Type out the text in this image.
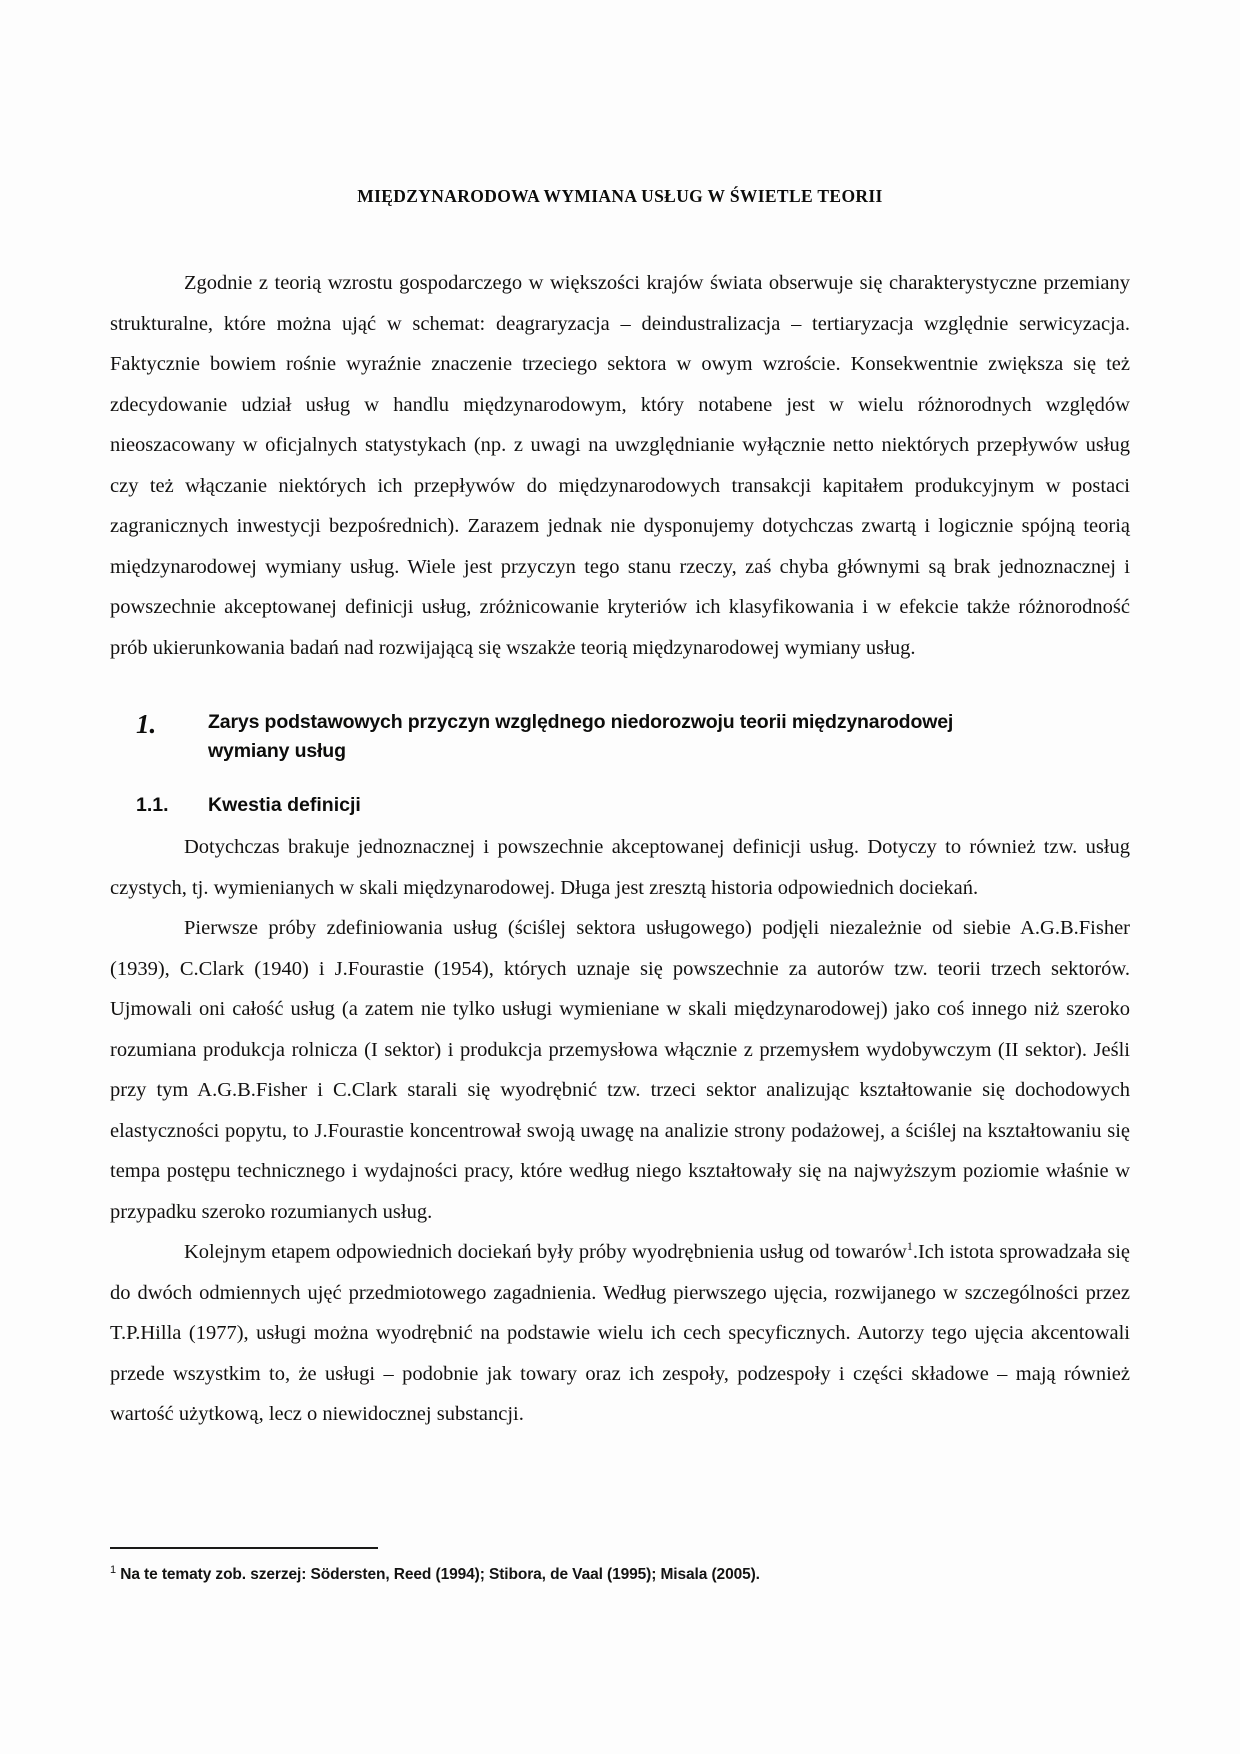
MIĘDZYNARODOWA WYMIANA USŁUG W ŚWIETLE TEORII

Zgodnie z teorią wzrostu gospodarczego w większości krajów świata obserwuje się charakterystyczne przemiany strukturalne, które można ująć w schemat: deagraryzacja – deindustralizacja – tertiaryzacja względnie serwicyzacja. Faktycznie bowiem rośnie wyraźnie znaczenie trzeciego sektora w owym wzroście. Konsekwentnie zwiększa się też zdecydowanie udział usług w handlu międzynarodowym, który notabene jest w wielu różnorodnych względów nieoszacowany w oficjalnych statystykach (np. z uwagi na uwzględnianie wyłącznie netto niektórych przepływów usług czy też włączanie niektórych ich przepływów do międzynarodowych transakcji kapitałem produkcyjnym w postaci zagranicznych inwestycji bezpośrednich). Zarazem jednak nie dysponujemy dotychczas zwartą i logicznie spójną teorią międzynarodowej wymiany usług. Wiele jest przyczyn tego stanu rzeczy, zaś chyba głównymi są brak jednoznacznej i powszechnie akceptowanej definicji usług, zróżnicowanie kryteriów ich klasyfikowania i w efekcie także różnorodność prób ukierunkowania badań nad rozwijającą się wszakże teorią międzynarodowej wymiany usług.

1.	Zarys podstawowych przyczyn względnego niedorozwoju teorii międzynarodowej wymiany usług
1.1.	Kwestia definicji

Dotychczas brakuje jednoznacznej i powszechnie akceptowanej definicji usług. Dotyczy to również tzw. usług czystych, tj. wymienianych w skali międzynarodowej. Długa jest zresztą historia odpowiednich dociekań.

Pierwsze próby zdefiniowania usług (ściślej sektora usługowego) podjęli niezależnie od siebie A.G.B.Fisher (1939), C.Clark (1940) i J.Fourastie (1954), których uznaje się powszechnie za autorów tzw. teorii trzech sektorów. Ujmowali oni całość usług (a zatem nie tylko usługi wymieniane w skali międzynarodowej) jako coś innego niż szeroko rozumiana produkcja rolnicza (I sektor) i produkcja przemysłowa włącznie z przemysłem wydobywczym (II sektor). Jeśli przy tym A.G.B.Fisher i C.Clark starali się wyodrębnić tzw. trzeci sektor analizując kształtowanie się dochodowych elastyczności popytu, to J.Fourastie koncentrował swoją uwagę na analizie strony podażowej, a ściślej na kształtowaniu się tempa postępu technicznego i wydajności pracy, które według niego kształtowały się na najwyższym poziomie właśnie w przypadku szeroko rozumianych usług.

Kolejnym etapem odpowiednich dociekań były próby wyodrębnienia usług od towarów$^1$.Ich istota sprowadzała się do dwóch odmiennych ujęć przedmiotowego zagadnienia. Według pierwszego ujęcia, rozwijanego w szczególności przez T.P.Hilla (1977), usługi można wyodrębnić na podstawie wielu ich cech specyficznych. Autorzy tego ujęcia akcentowali przede wszystkim to, że usługi – podobnie jak towary oraz ich zespoły, podzespoły i części składowe – mają również wartość użytkową, lecz o niewidocznej substancji.

$^1$ Na te tematy zob. szerzej: Södersten, Reed (1994); Stibora, de Vaal (1995); Misala (2005).
